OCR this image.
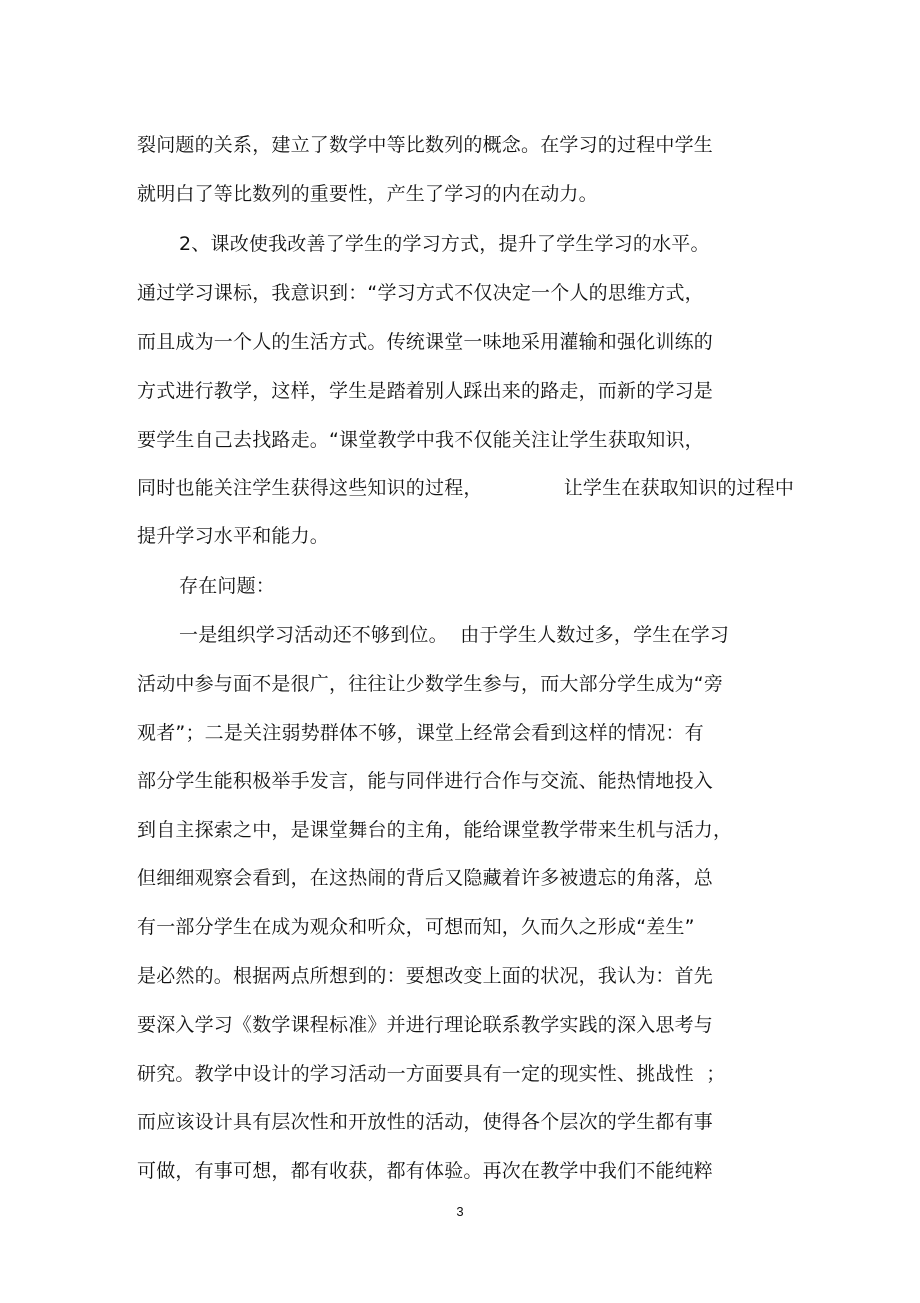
裂问题的关系，建立了数学中等比数列的概念。在学习的过程中学生
就明白了等比数列的重要性，产生了学习的内在动力。
2、课改使我改善了学生的学习方式，提升了学生学习的水平。
通过学习课标，我意识到：“学习方式不仅决定一个人的思维方式，
而且成为一个人的生活方式。传统课堂一味地采用灌输和强化训练的
方式进行教学，这样，学生是踏着别人踩出来的路走，而新的学习是
要学生自己去找路走。“课堂教学中我不仅能关注让学生获取知识，
同时也能关注学生获得这些知识的过程，             让学生在获取知识的过程中
提升学习水平和能力。
存在问题：
一是组织学习活动还不够到位。  由于学生人数过多，学生在学习
活动中参与面不是很广，往往让少数学生参与，而大部分学生成为“旁
观者”；二是关注弱势群体不够，课堂上经常会看到这样的情况：有
部分学生能积极举手发言，能与同伴进行合作与交流、能热情地投入
到自主探索之中，是课堂舞台的主角，能给课堂教学带来生机与活力，
但细细观察会看到，在这热闹的背后又隐藏着许多被遗忘的角落，总
有一部分学生在成为观众和听众，可想而知，久而久之形成“差生”
是必然的。根据两点所想到的：要想改变上面的状况，我认为：首先
要深入学习《数学课程标准》并进行理论联系教学实践的深入思考与
研究。教学中设计的学习活动一方面要具有一定的现实性、挑战性  ；
而应该设计具有层次性和开放性的活动，使得各个层次的学生都有事
可做，有事可想，都有收获，都有体验。再次在教学中我们不能纯粹
3
